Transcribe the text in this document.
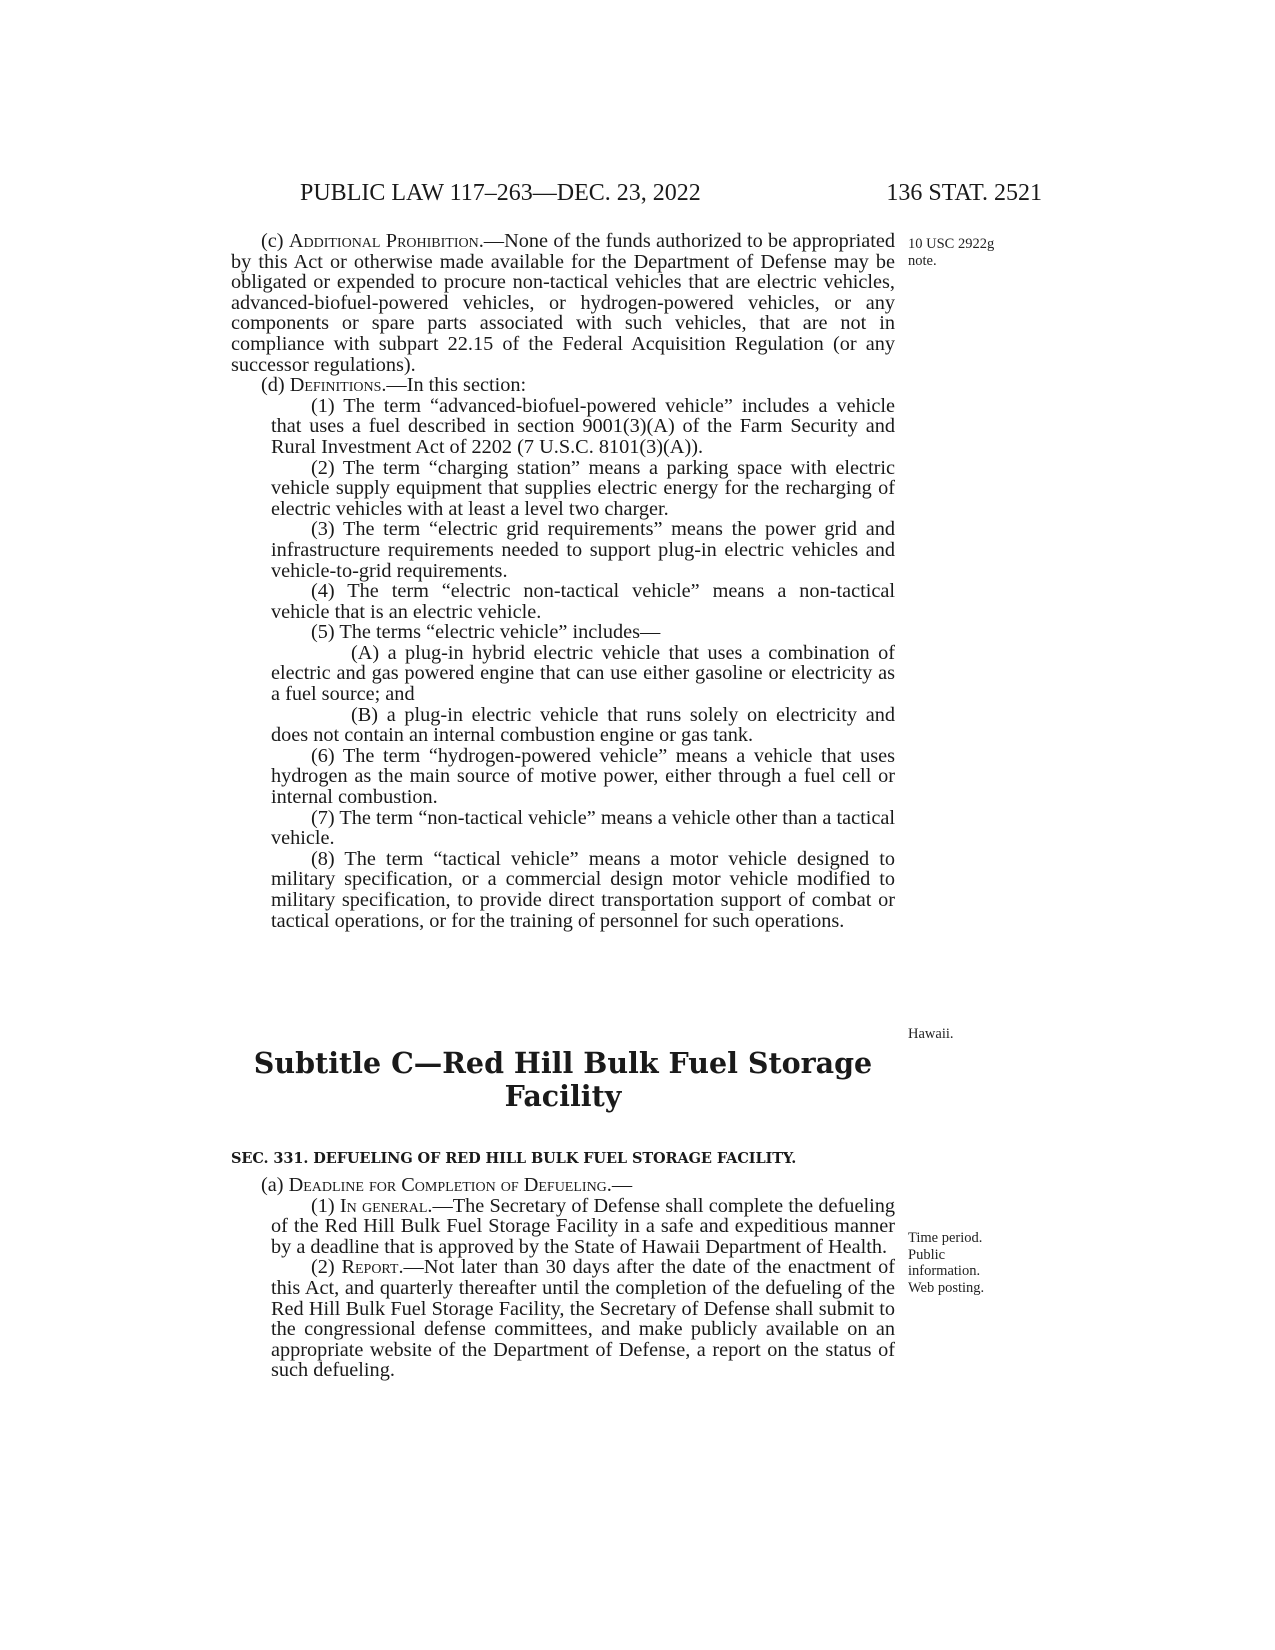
PUBLIC LAW 117–263—DEC. 23, 2022	136 STAT. 2521
10 USC 2922g
note.
Hawaii.
Time period.
Public
information.
Web posting.

(c) Additional Prohibition.—None of the funds authorized to be appropriated by this Act or otherwise made available for the Department of Defense may be obligated or expended to procure non-tactical vehicles that are electric vehicles, advanced-biofuel-powered vehicles, or hydrogen-powered vehicles, or any components or spare parts associated with such vehicles, that are not in compliance with subpart 22.15 of the Federal Acquisition Regulation (or any successor regulations).

(d) Definitions.—In this section:

(1) The term “advanced-biofuel-powered vehicle” includes a vehicle that uses a fuel described in section 9001(3)(A) of the Farm Security and Rural Investment Act of 2202 (7 U.S.C. 8101(3)(A)).

(2) The term “charging station” means a parking space with electric vehicle supply equipment that supplies electric energy for the recharging of electric vehicles with at least a level two charger.

(3) The term “electric grid requirements” means the power grid and infrastructure requirements needed to support plug-in electric vehicles and vehicle-to-grid requirements.

(4) The term “electric non-tactical vehicle” means a non-tactical vehicle that is an electric vehicle.

(5) The terms “electric vehicle” includes—

(A) a plug-in hybrid electric vehicle that uses a combination of electric and gas powered engine that can use either gasoline or electricity as a fuel source; and

(B) a plug-in electric vehicle that runs solely on electricity and does not contain an internal combustion engine or gas tank.

(6) The term “hydrogen-powered vehicle” means a vehicle that uses hydrogen as the main source of motive power, either through a fuel cell or internal combustion.

(7) The term “non-tactical vehicle” means a vehicle other than a tactical vehicle.

(8) The term “tactical vehicle” means a motor vehicle designed to military specification, or a commercial design motor vehicle modified to military specification, to provide direct transportation support of combat or tactical operations, or for the training of personnel for such operations.

Subtitle C—Red Hill Bulk Fuel Storage
Facility
SEC. 331. DEFUELING OF RED HILL BULK FUEL STORAGE FACILITY.

(a) Deadline for Completion of Defueling.—

(1) In general.—The Secretary of Defense shall complete the defueling of the Red Hill Bulk Fuel Storage Facility in a safe and expeditious manner by a deadline that is approved by the State of Hawaii Department of Health.

(2) Report.—Not later than 30 days after the date of the enactment of this Act, and quarterly thereafter until the completion of the defueling of the Red Hill Bulk Fuel Storage Facility, the Secretary of Defense shall submit to the congressional defense committees, and make publicly available on an appropriate website of the Department of Defense, a report on the status of such defueling.
